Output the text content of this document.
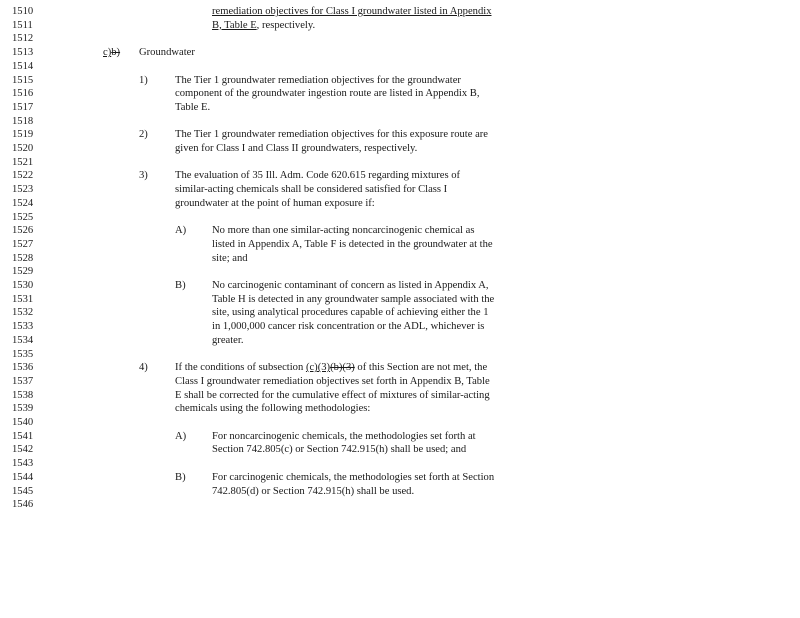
1510	remediation objectives for Class I groundwater listed in Appendix
1511	B, Table E, respectively.
1512
1513	c)b) Groundwater
1514
1515	1)	The Tier 1 groundwater remediation objectives for the groundwater
1516	component of the groundwater ingestion route are listed in Appendix B,
1517	Table E.
1518
1519	2)	The Tier 1 groundwater remediation objectives for this exposure route are
1520	given for Class I and Class II groundwaters, respectively.
1521
1522	3)	The evaluation of 35 Ill. Adm. Code 620.615 regarding mixtures of
1523	similar-acting chemicals shall be considered satisfied for Class I
1524	groundwater at the point of human exposure if:
1525
1526	A) No more than one similar-acting noncarcinogenic chemical as
1527	listed in Appendix A, Table F is detected in the groundwater at the
1528	site; and
1529
1530	B) No carcinogenic contaminant of concern as listed in Appendix A,
1531	Table H is detected in any groundwater sample associated with the
1532	site, using analytical procedures capable of achieving either the 1
1533	in 1,000,000 cancer risk concentration or the ADL, whichever is
1534	greater.
1535
1536	4)	If the conditions of subsection (c)(3)(b)(3) of this Section are not met, the
1537	Class I groundwater remediation objectives set forth in Appendix B, Table
1538	E shall be corrected for the cumulative effect of mixtures of similar-acting
1539	chemicals using the following methodologies:
1540
1541	A) For noncarcinogenic chemicals, the methodologies set forth at
1542	Section 742.805(c) or Section 742.915(h) shall be used; and
1543
1544	B) For carcinogenic chemicals, the methodologies set forth at Section
1545	742.805(d) or Section 742.915(h) shall be used.
1546
